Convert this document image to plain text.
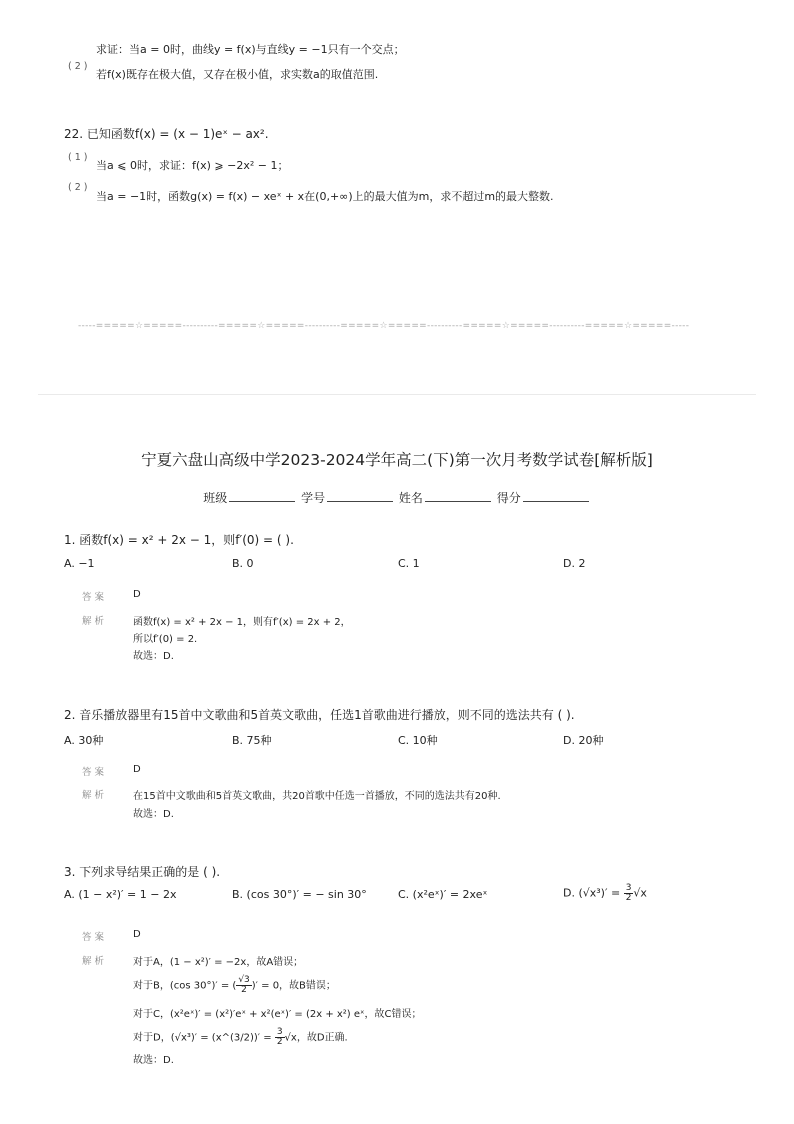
求证：当a = 0时，曲线y = f(x)与直线y = −1只有一个交点；
( 2 )
若f(x)既存在极大值，又存在极小值，求实数a的取值范围.
22. 已知函数f(x) = (x − 1)eˣ − ax².
( 1 )
当a ⩽ 0时，求证：f(x) ⩾ −2x² − 1；
( 2 )
当a = −1时，函数g(x) = f(x) − xeˣ + x在(0,+∞)上的最大值为m，求不超过m的最大整数.
-----=====☆=====----------=====☆=====----------=====☆=====----------=====☆=====----------=====☆=====-----
宁夏六盘山高级中学2023-2024学年高二(下)第一次月考数学试卷[解析版]
班级	学号	姓名	得分
1. 函数f(x) = x² + 2x − 1，则f′(0) = ( ).
A. −1	B. 0	C. 1	D. 2
答案	D
解析	函数f(x) = x² + 2x − 1，则有f′(x) = 2x + 2，
所以f′(0) = 2.
故选：D.
2. 音乐播放器里有15首中文歌曲和5首英文歌曲，任选1首歌曲进行播放，则不同的选法共有 ( ).
A. 30种	B. 75种	C. 10种	D. 20种
答案	D
解析	在15首中文歌曲和5首英文歌曲，共20首歌中任选一首播放，不同的选法共有20种.
故选：D.
3. 下列求导结果正确的是 ( ).
A. (1 − x²)′ = 1 − 2x	B. (cos 30°)′ = − sin 30°	C. (x²eˣ)′ = 2xeˣ	D. $(√x^3)' = \frac{3}{2} √x$
答案	D
解析	对于A，(1 − x²)′ = −2x，故A错误；
对于B，(cos 30°)′ = ( $\frac{√3}{2}$ )′ = 0，故B错误；
对于C，(x²eˣ)′ = (x²)′eˣ + x²(eˣ)′ = (2x + x²) eˣ，故C错误；
对于D，(√x³)′ = (x^(3/2))′ = $\frac{3}{2} √x$，故D正确.
故选：D.
